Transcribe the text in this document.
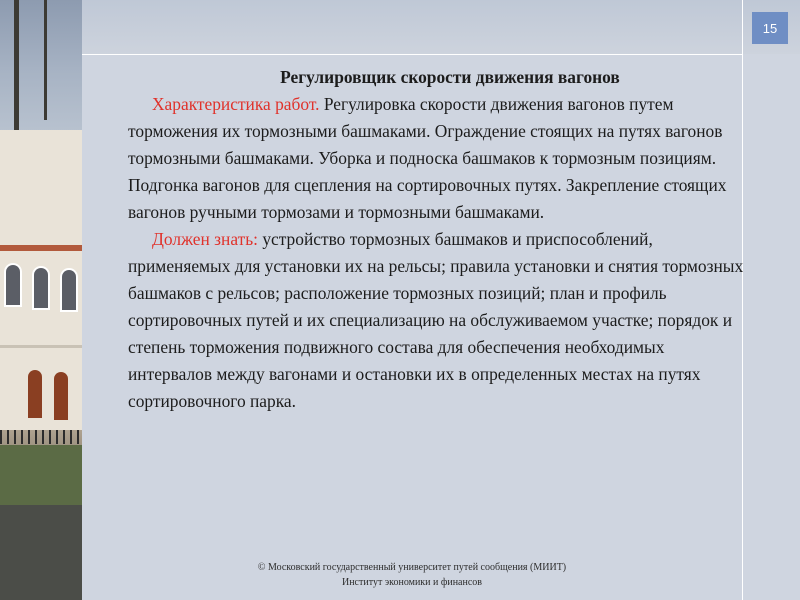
15

Регулировщик скорости движения вагонов

Характеристика работ. Регулировка скорости движения вагонов путем торможения их тормозными башмаками. Ограждение стоящих на путях вагонов тормозными башмаками. Уборка и подноска башмаков к тормозным позициям. Подгонка вагонов для сцепления на сортировочных путях. Закрепление стоящих вагонов ручными тормозами и тормозными башмаками.

Должен знать: устройство тормозных башмаков и приспособлений, применяемых для установки их на рельсы; правила установки и снятия тормозных башмаков с рельсов; расположение тормозных позиций; план и профиль сортировочных путей и их специализацию на обслуживаемом участке; порядок и степень торможения подвижного состава для обеспечения необходимых интервалов между вагонами и остановки их в определенных местах на путях сортировочного парка.

© Московский государственный университет путей сообщения (МИИТ)
Институт экономики и финансов
